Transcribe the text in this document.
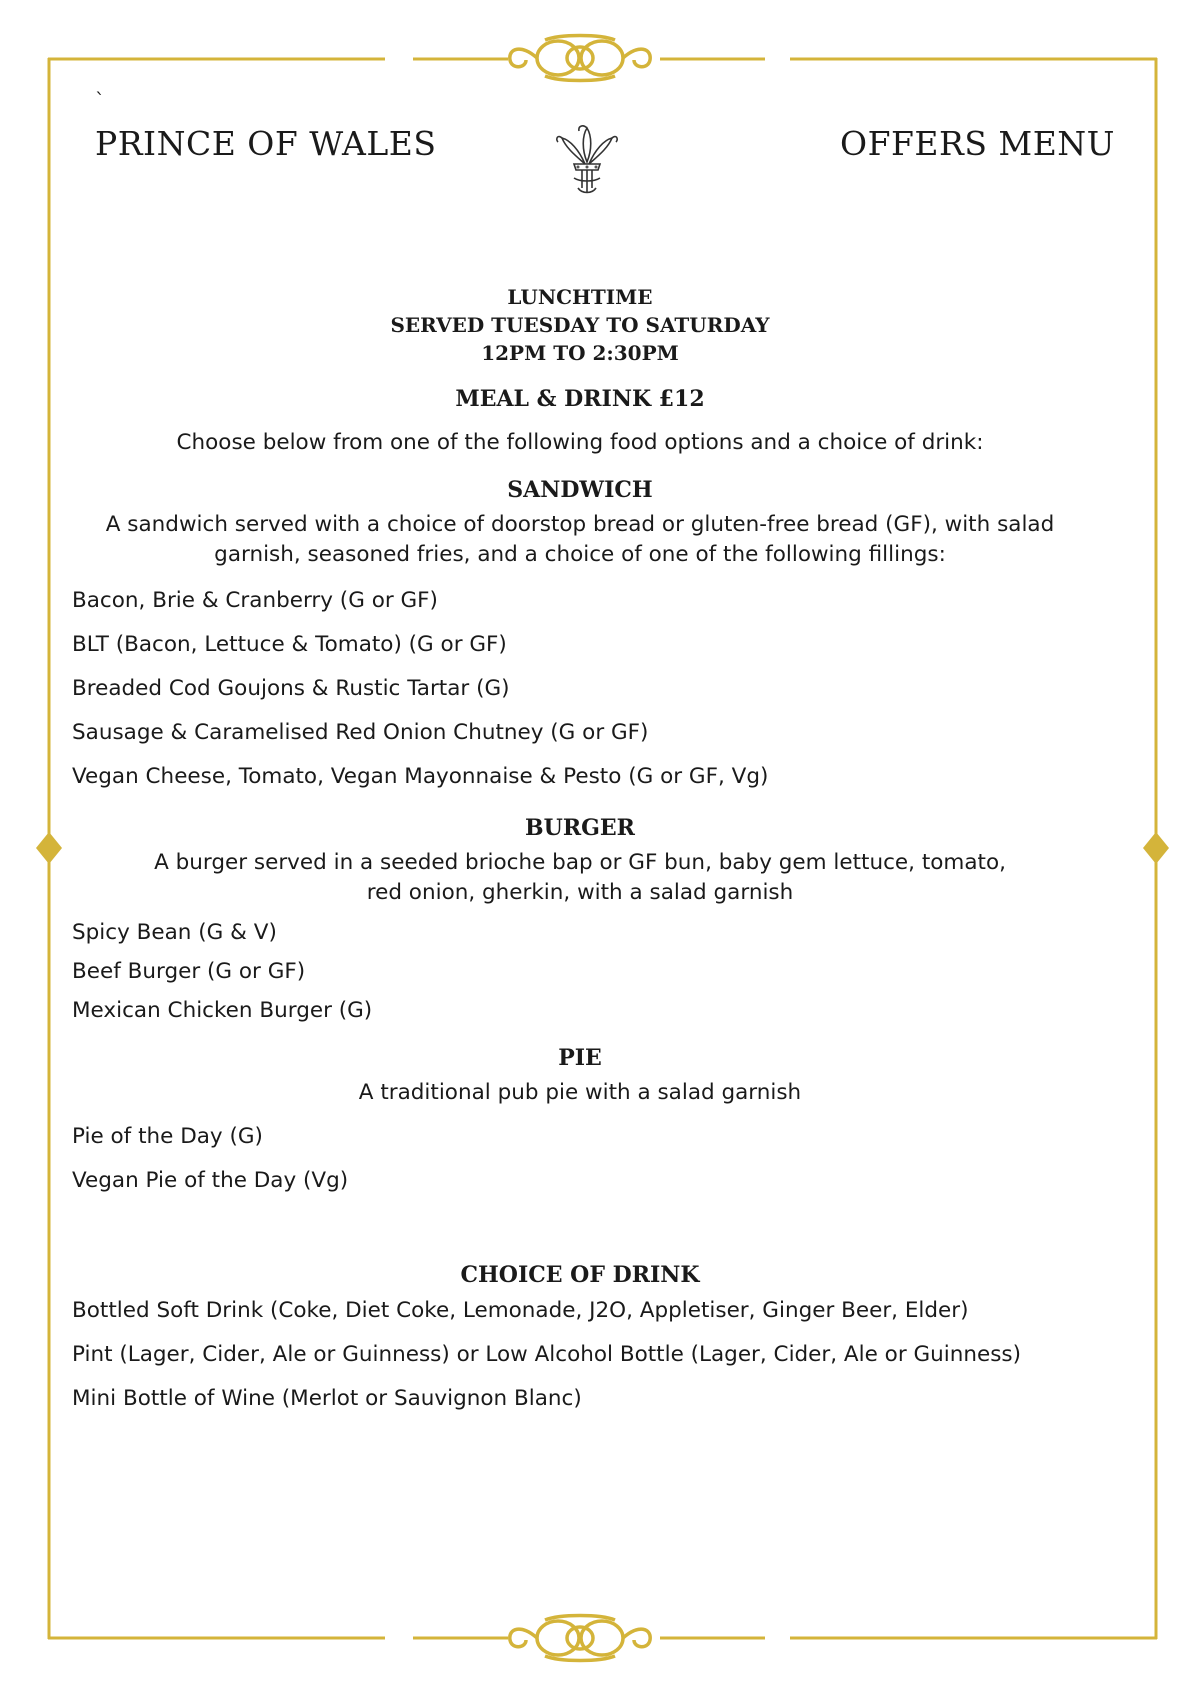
`
PRINCE OF WALES	OFFERS MENU
LUNCHTIME
SERVED TUESDAY TO SATURDAY
12PM TO 2:30PM
MEAL & DRINK £12
Choose below from one of the following food options and a choice of drink:
SANDWICH
A sandwich served with a choice of doorstop bread or gluten-free bread (GF), with salad
garnish, seasoned fries, and a choice of one of the following fillings:
Bacon, Brie & Cranberry (G or GF)
BLT (Bacon, Lettuce & Tomato) (G or GF)
Breaded Cod Goujons & Rustic Tartar (G)
Sausage & Caramelised Red Onion Chutney (G or GF)
Vegan Cheese, Tomato, Vegan Mayonnaise & Pesto (G or GF, Vg)
BURGER
A burger served in a seeded brioche bap or GF bun, baby gem lettuce, tomato,
red onion, gherkin, with a salad garnish
Spicy Bean (G & V)
Beef Burger (G or GF)
Mexican Chicken Burger (G)
PIE
A traditional pub pie with a salad garnish
Pie of the Day (G)
Vegan Pie of the Day (Vg)
CHOICE OF DRINK
Bottled Soft Drink (Coke, Diet Coke, Lemonade, J2O, Appletiser, Ginger Beer, Elder)
Pint (Lager, Cider, Ale or Guinness) or Low Alcohol Bottle (Lager, Cider, Ale or Guinness)
Mini Bottle of Wine (Merlot or Sauvignon Blanc)
